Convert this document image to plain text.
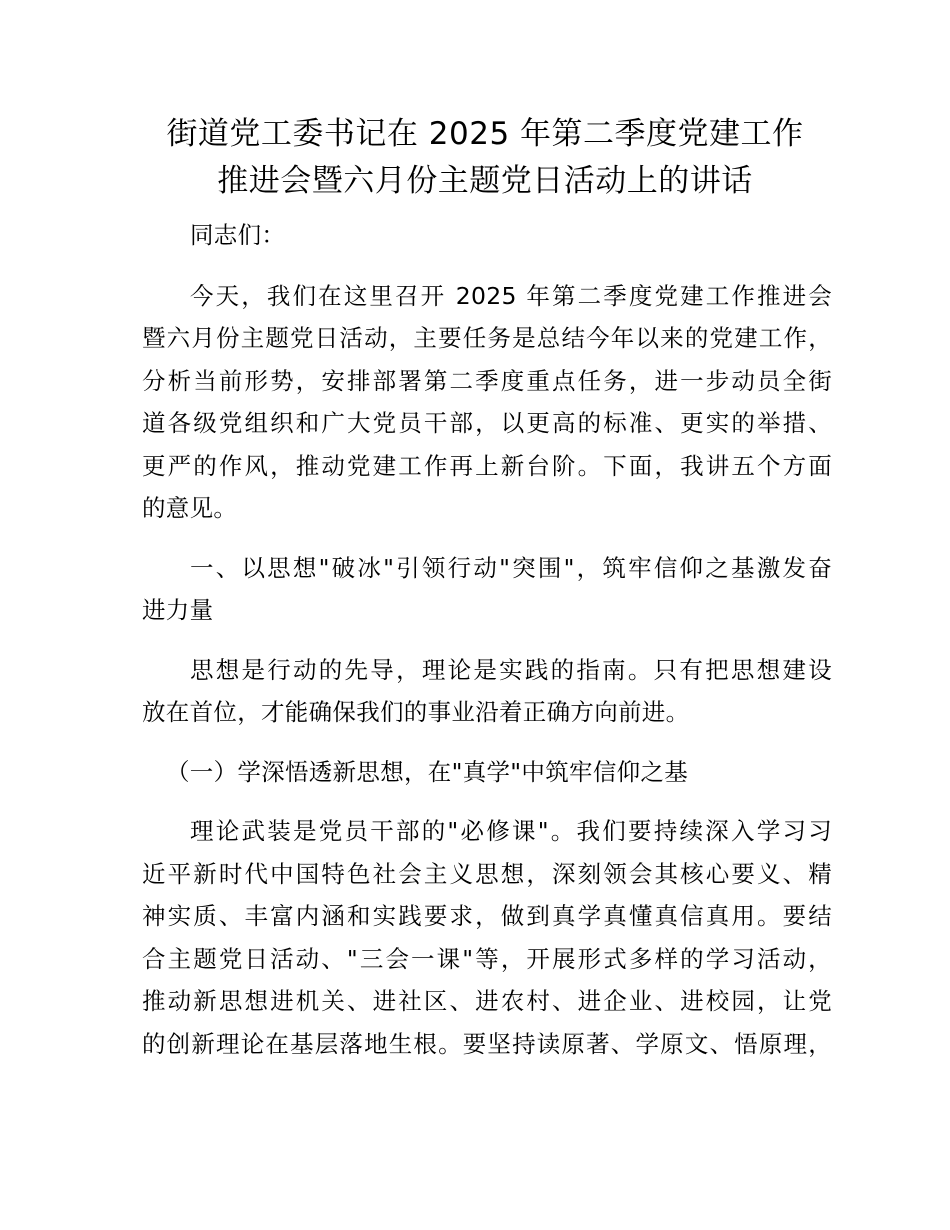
街道党工委书记在 2025 年第二季度党建工作
推进会暨六月份主题党日活动上的讲话

同志们：

今天，我们在这里召开 2025 年第二季度党建工作推进会
暨六月份主题党日活动，主要任务是总结今年以来的党建工作，
分析当前形势，安排部署第二季度重点任务，进一步动员全街
道各级党组织和广大党员干部，以更高的标准、更实的举措、
更严的作风，推动党建工作再上新台阶。下面，我讲五个方面
的意见。

一、以思想"破冰"引领行动"突围"，筑牢信仰之基激发奋
进力量

思想是行动的先导，理论是实践的指南。只有把思想建设
放在首位，才能确保我们的事业沿着正确方向前进。

（一）学深悟透新思想，在"真学"中筑牢信仰之基

理论武装是党员干部的"必修课"。我们要持续深入学习习
近平新时代中国特色社会主义思想，深刻领会其核心要义、精
神实质、丰富内涵和实践要求，做到真学真懂真信真用。要结
合主题党日活动、"三会一课"等，开展形式多样的学习活动，
推动新思想进机关、进社区、进农村、进企业、进校园，让党
的创新理论在基层落地生根。要坚持读原著、学原文、悟原理，
